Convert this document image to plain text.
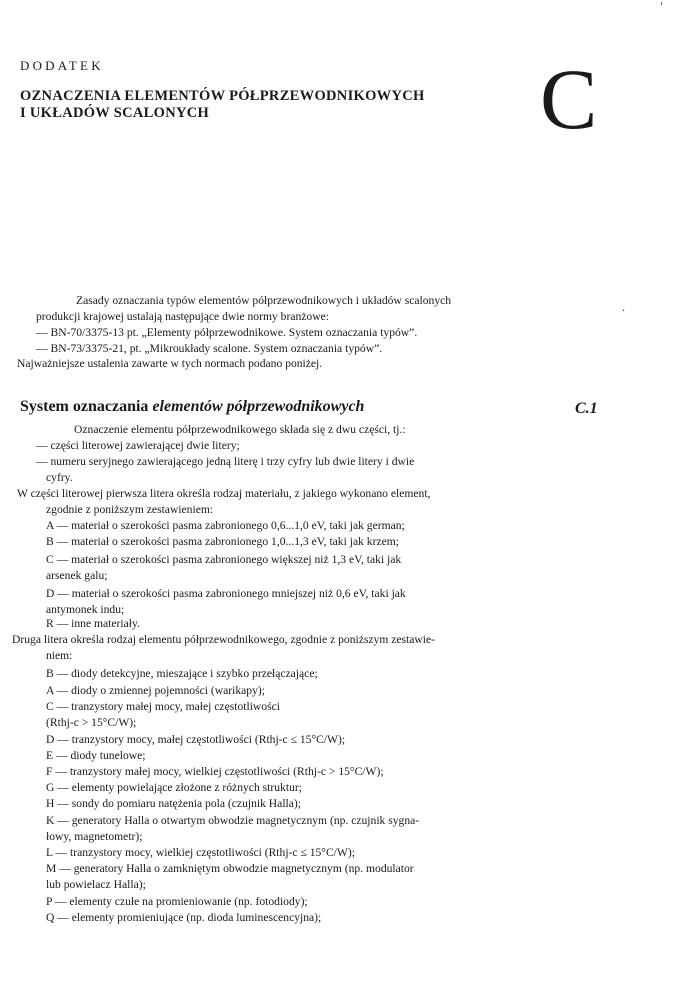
'
DODATEK
OZNACZENIA ELEMENTÓW PÓŁPRZEWODNIKOWYCH
I UKŁADÓW SCALONYCH	C
Zasady oznaczania typów elementów półprzewodnikowych i układów scalonych
produkcji krajowej ustalają następujące dwie normy branżowe:
— BN-70/3375-13 pt. „Elementy półprzewodnikowe. System oznaczania typów”.
— BN-73/3375-21, pt. „Mikroukłady scalone. System oznaczania typów”.
Najważniejsze ustalenia zawarte w tych normach podano poniżej.
.
System oznaczania elementów półprzewodnikowych	C.1
Oznaczenie elementu półprzewodnikowego składa się z dwu części, tj.:
— części literowej zawierającej dwie litery;
— numeru seryjnego zawierającego jedną literę i trzy cyfry lub dwie litery i dwie
cyfry.
W części literowej pierwsza litera określa rodzaj materiału, z jakiego wykonano element,
zgodnie z poniższym zestawieniem:
A — materiał o szerokości pasma zabronionego 0,6...1,0 eV, taki jak german;
B — materiał o szerokości pasma zabronionego 1,0...1,3 eV, taki jak krzem;
C — materiał o szerokości pasma zabronionego większej niż 1,3 eV, taki jak
arsenek galu;
D — materiał o szerokości pasma zabronionego mniejszej niż 0,6 eV, taki jak
antymonek indu;
R — inne materiały.
Druga litera określa rodzaj elementu półprzewodnikowego, zgodnie z poniższym zestawie-
niem:
B — diody detekcyjne, mieszające i szybko przełączające;
A — diody o zmiennej pojemności (warikapy);
C — tranzystory małej mocy, małej częstotliwości
(Rthj-c > 15°C/W);
D — tranzystory mocy, małej częstotliwości (Rthj-c ≤ 15°C/W);
E — diody tunelowe;
F — tranzystory małej mocy, wielkiej częstotliwości (Rthj-c > 15°C/W);
G — elementy powielające złożone z różnych struktur;
H — sondy do pomiaru natężenia pola (czujnik Halla);
K — generatory Halla o otwartym obwodzie magnetycznym (np. czujnik sygna-
łowy, magnetometr);
L — tranzystory mocy, wielkiej częstotliwości (Rthj-c ≤ 15°C/W);
M — generatory Halla o zamkniętym obwodzie magnetycznym (np. modulator
lub powielacz Halla);
P — elementy czułe na promieniowanie (np. fotodiody);
Q — elementy promieniujące (np. dioda luminescencyjna);
